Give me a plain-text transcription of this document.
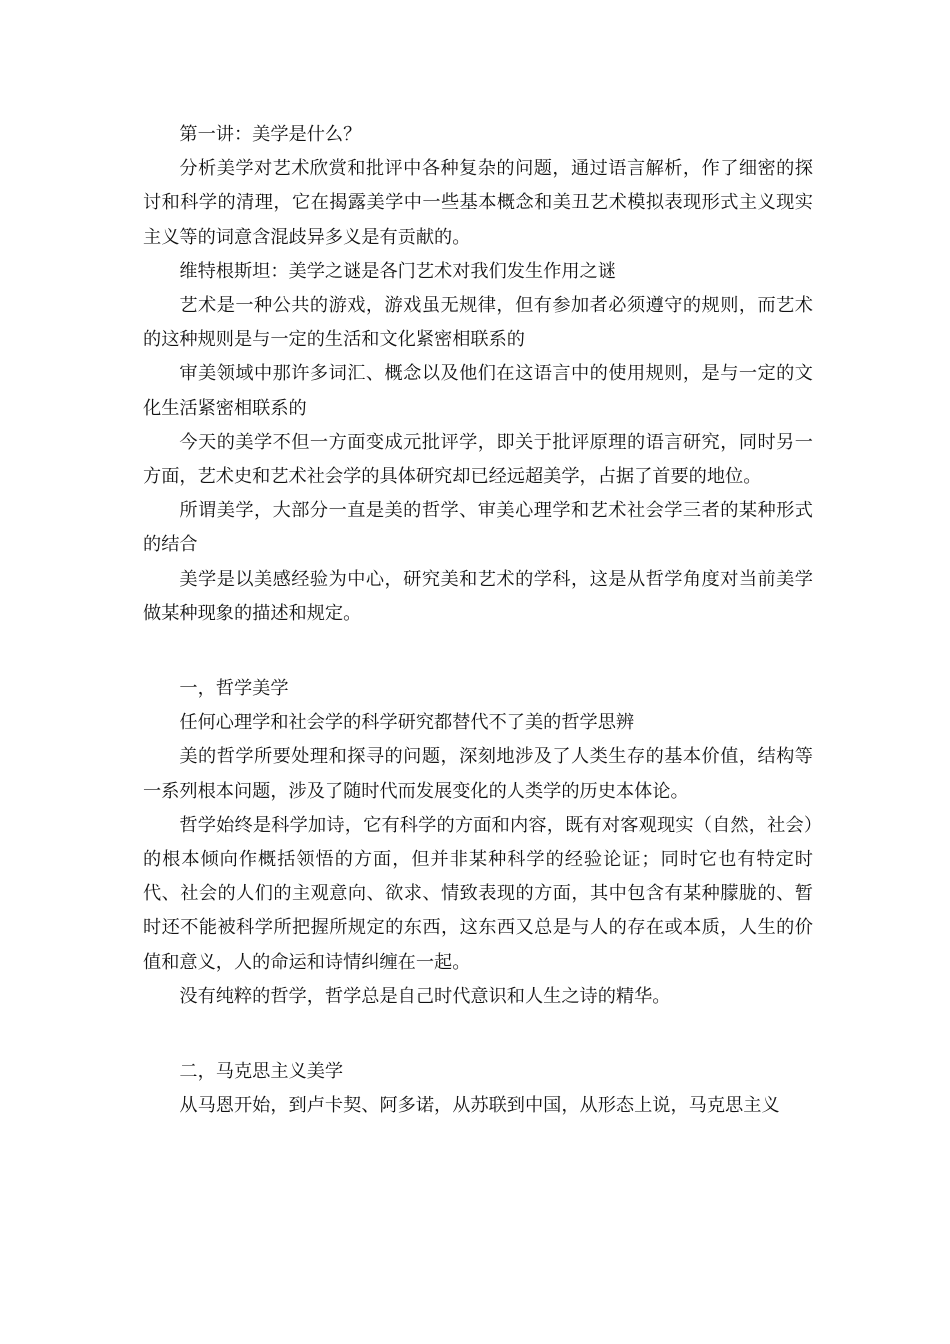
第一讲：美学是什么？

分析美学对艺术欣赏和批评中各种复杂的问题，通过语言解析，作了细密的探讨和科学的清理，它在揭露美学中一些基本概念和美丑艺术模拟表现形式主义现实主义等的词意含混歧异多义是有贡献的。

维特根斯坦：美学之谜是各门艺术对我们发生作用之谜

艺术是一种公共的游戏，游戏虽无规律，但有参加者必须遵守的规则，而艺术的这种规则是与一定的生活和文化紧密相联系的

审美领域中那许多词汇、概念以及他们在这语言中的使用规则，是与一定的文化生活紧密相联系的

今天的美学不但一方面变成元批评学，即关于批评原理的语言研究，同时另一方面，艺术史和艺术社会学的具体研究却已经远超美学，占据了首要的地位。

所谓美学，大部分一直是美的哲学、审美心理学和艺术社会学三者的某种形式的结合

美学是以美感经验为中心，研究美和艺术的学科，这是从哲学角度对当前美学做某种现象的描述和规定。

一，哲学美学

任何心理学和社会学的科学研究都替代不了美的哲学思辨

美的哲学所要处理和探寻的问题，深刻地涉及了人类生存的基本价值，结构等一系列根本问题，涉及了随时代而发展变化的人类学的历史本体论。

哲学始终是科学加诗，它有科学的方面和内容，既有对客观现实（自然，社会）的根本倾向作概括领悟的方面，但并非某种科学的经验论证；同时它也有特定时代、社会的人们的主观意向、欲求、情致表现的方面，其中包含有某种朦胧的、暂时还不能被科学所把握所规定的东西，这东西又总是与人的存在或本质，人生的价值和意义，人的命运和诗情纠缠在一起。

没有纯粹的哲学，哲学总是自己时代意识和人生之诗的精华。

二，马克思主义美学

从马恩开始，到卢卡契、阿多诺，从苏联到中国，从形态上说，马克思主义
